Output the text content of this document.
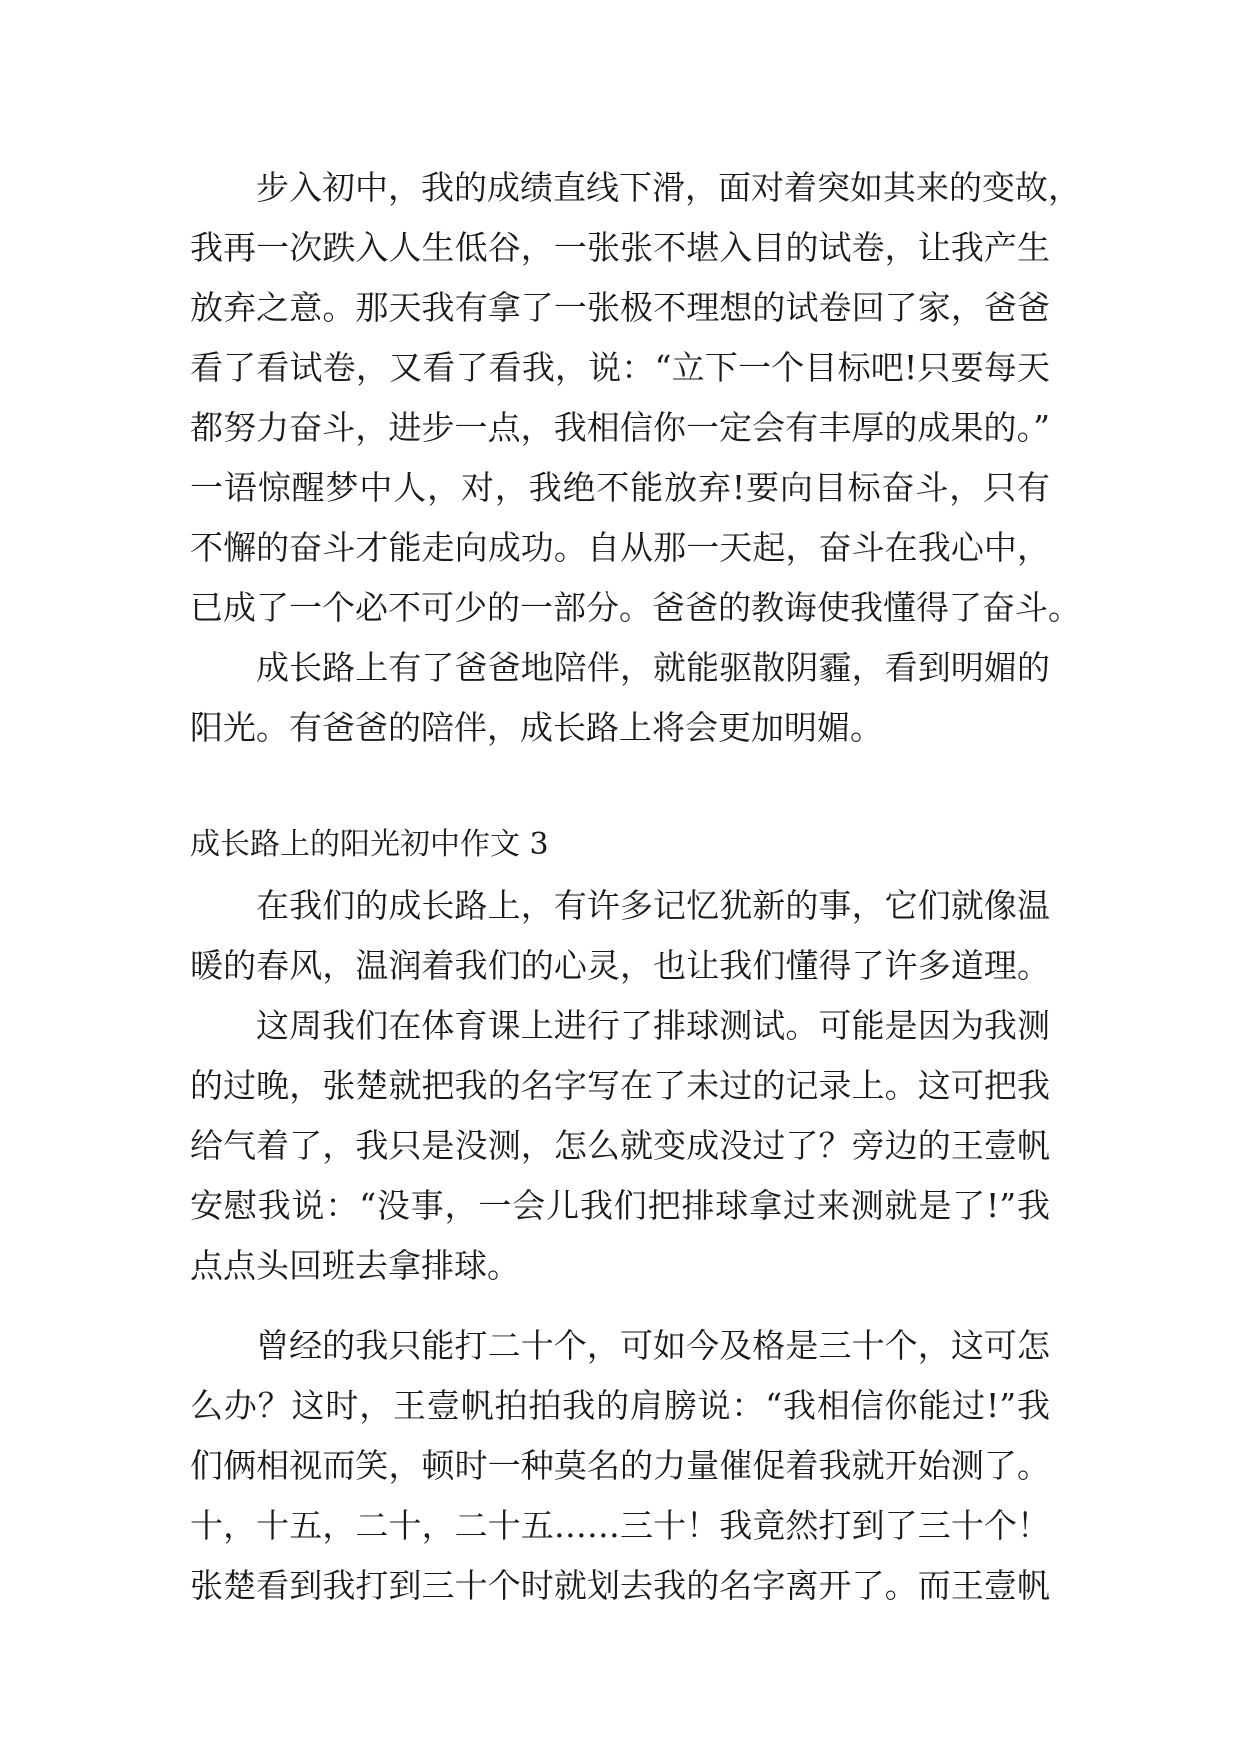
步入初中，我的成绩直线下滑，面对着突如其来的变故，

我再一次跌入人生低谷，一张张不堪入目的试卷，让我产生

放弃之意。那天我有拿了一张极不理想的试卷回了家，爸爸

看了看试卷，又看了看我，说：“立下一个目标吧!只要每天

都努力奋斗，进步一点，我相信你一定会有丰厚的成果的。”

一语惊醒梦中人，对，我绝不能放弃!要向目标奋斗，只有

不懈的奋斗才能走向成功。自从那一天起，奋斗在我心中，

已成了一个必不可少的一部分。爸爸的教诲使我懂得了奋斗。

成长路上有了爸爸地陪伴，就能驱散阴霾，看到明媚的

阳光。有爸爸的陪伴，成长路上将会更加明媚。

成长路上的阳光初中作文 3

在我们的成长路上，有许多记忆犹新的事，它们就像温

暖的春风，温润着我们的心灵，也让我们懂得了许多道理。

这周我们在体育课上进行了排球测试。可能是因为我测

的过晚，张楚就把我的名字写在了未过的记录上。这可把我

给气着了，我只是没测，怎么就变成没过了？旁边的王壹帆

安慰我说：“没事，一会儿我们把排球拿过来测就是了!”我

点点头回班去拿排球。

曾经的我只能打二十个，可如今及格是三十个，这可怎

么办？这时，王壹帆拍拍我的肩膀说：“我相信你能过!”我

们俩相视而笑，顿时一种莫名的力量催促着我就开始测了。

十，十五，二十，二十五……三十！我竟然打到了三十个！

张楚看到我打到三十个时就划去我的名字离开了。而王壹帆
